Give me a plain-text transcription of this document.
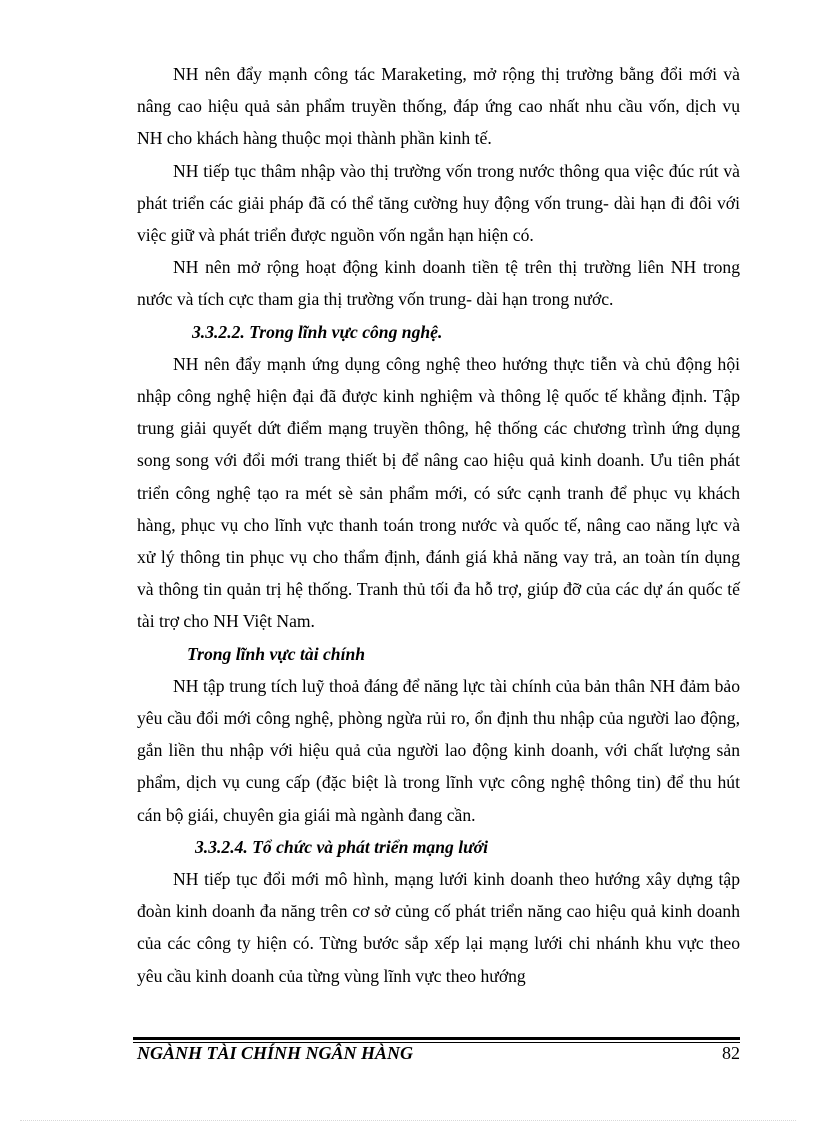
NH nên đẩy mạnh công tác Maraketing, mở rộng thị trường bằng đổi mới và nâng cao hiệu quả sản phẩm truyền thống, đáp ứng cao nhất nhu cầu vốn, dịch vụ NH cho khách hàng thuộc mọi thành phần kinh tế.

NH tiếp tục thâm nhập vào thị trường vốn trong nước thông qua việc đúc rút và phát triển các giải pháp đã có thể tăng cường huy động vốn trung- dài hạn đi đôi với việc giữ và phát triển được nguồn vốn ngắn hạn hiện có.

NH nên mở rộng hoạt động kinh doanh tiền tệ trên thị trường liên NH trong nước và tích cực tham gia thị trường vốn trung- dài hạn trong nước.

3.3.2.2. Trong lĩnh vực công nghệ.

NH nên đẩy mạnh ứng dụng công nghệ theo hướng thực tiễn và chủ động hội nhập công nghệ hiện đại đã được kinh nghiệm và thông lệ quốc tế khẳng định. Tập trung giải quyết dứt điểm mạng truyền thông, hệ thống các chương trình ứng dụng song song với đổi mới trang thiết bị để nâng cao hiệu quả kinh doanh. Ưu tiên phát triển công nghệ tạo ra mét sè sản phẩm mới, có sức cạnh tranh để phục vụ khách hàng, phục vụ cho lĩnh vực thanh toán trong nước và quốc tế, nâng cao năng lực và xử lý thông tin phục vụ cho thẩm định, đánh giá khả năng vay trả, an toàn tín dụng và thông tin quản trị hệ thống. Tranh thủ tối đa hỗ trợ, giúp đỡ của các dự án quốc tế tài trợ cho NH Việt Nam.

Trong lĩnh vực tài chính

NH tập trung tích luỹ thoả đáng để năng lực tài chính của bản thân NH đảm bảo yêu cầu đổi mới công nghệ, phòng ngừa rủi ro, ổn định thu nhập của người lao động, gắn liền thu nhập với hiệu quả của người lao động kinh doanh, với chất lượng sản phẩm, dịch vụ cung cấp (đặc biệt là trong lĩnh vực công nghệ thông tin) để thu hút cán bộ giái, chuyên gia giái mà ngành đang cần.

3.3.2.4. Tổ chức và phát triển mạng lưới

NH tiếp tục đổi mới mô hình, mạng lưới kinh doanh theo hướng xây dựng tập đoàn kinh doanh đa năng trên cơ sở củng cố phát triển năng cao hiệu quả kinh doanh của các công ty hiện có. Từng bước sắp xếp lại mạng lưới chi nhánh khu vực theo yêu cầu kinh doanh của từng vùng lĩnh vực theo hướng

NGÀNH TÀI CHÍNH NGÂN HÀNG	82
